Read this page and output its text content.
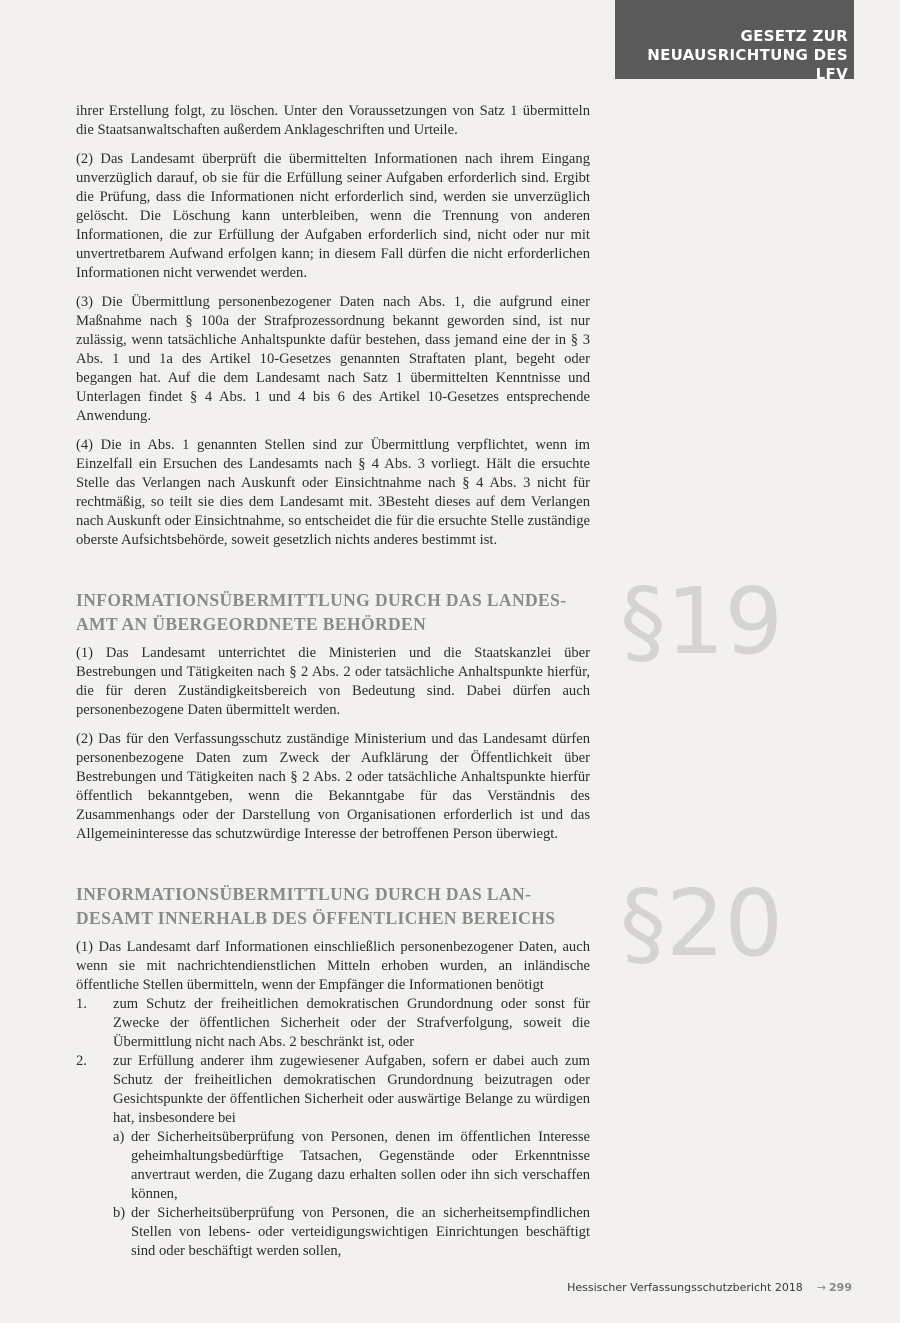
GESETZ ZUR
NEUAUSRICHTUNG DES LFV
§19
§20

ihrer Erstellung folgt, zu löschen. Unter den Voraussetzungen von Satz 1 übermitteln die Staatsanwaltschaften außerdem Anklageschriften und Urteile.

(2) Das Landesamt überprüft die übermittelten Informationen nach ihrem Eingang unverzüglich darauf, ob sie für die Erfüllung seiner Aufgaben erforderlich sind. Ergibt die Prüfung, dass die Informationen nicht erforderlich sind, werden sie unverzüglich gelöscht. Die Löschung kann unterbleiben, wenn die Trennung von anderen Informationen, die zur Erfüllung der Aufgaben erforderlich sind, nicht oder nur mit unvertretbarem Aufwand erfolgen kann; in diesem Fall dürfen die nicht erforderlichen Informationen nicht verwendet werden.

(3) Die Übermittlung personenbezogener Daten nach Abs. 1, die aufgrund einer Maßnahme nach § 100a der Strafprozessordnung bekannt geworden sind, ist nur zulässig, wenn tatsächliche Anhaltspunkte dafür bestehen, dass jemand eine der in § 3 Abs. 1 und 1a des Artikel 10-Gesetzes genannten Straftaten plant, begeht oder begangen hat. Auf die dem Landesamt nach Satz 1 übermittelten Kenntnisse und Unterlagen findet § 4 Abs. 1 und 4 bis 6 des Artikel 10-Gesetzes entsprechende Anwendung.

(4) Die in Abs. 1 genannten Stellen sind zur Übermittlung verpflichtet, wenn im Einzelfall ein Ersuchen des Landesamts nach § 4 Abs. 3 vorliegt. Hält die ersuchte Stelle das Verlangen nach Auskunft oder Einsichtnahme nach § 4 Abs. 3 nicht für rechtmäßig, so teilt sie dies dem Landesamt mit. 3Besteht dieses auf dem Verlangen nach Auskunft oder Einsichtnahme, so entscheidet die für die ersuchte Stelle zuständige oberste Aufsichtsbehörde, soweit gesetzlich nichts anderes bestimmt ist.

INFORMATIONSÜBERMITTLUNG DURCH DAS LANDES-
AMT AN ÜBERGEORDNETE BEHÖRDEN

(1) Das Landesamt unterrichtet die Ministerien und die Staatskanzlei über Bestrebungen und Tätigkeiten nach § 2 Abs. 2 oder tatsächliche Anhaltspunkte hierfür, die für deren Zuständigkeitsbereich von Bedeutung sind. Dabei dürfen auch personenbezogene Daten übermittelt werden.

(2) Das für den Verfassungsschutz zuständige Ministerium und das Landesamt dürfen personenbezogene Daten zum Zweck der Aufklärung der Öffentlichkeit über Bestrebungen und Tätigkeiten nach § 2 Abs. 2 oder tatsächliche Anhaltspunkte hierfür öffentlich bekanntgeben, wenn die Bekanntgabe für das Verständnis des Zusammenhangs oder der Darstellung von Organisationen erforderlich ist und das Allgemeininteresse das schutzwürdige Interesse der betroffenen Person überwiegt.

INFORMATIONSÜBERMITTLUNG DURCH DAS LAN-
DESAMT INNERHALB DES ÖFFENTLICHEN BEREICHS

(1) Das Landesamt darf Informationen einschließlich personenbezogener Daten, auch wenn sie mit nachrichtendienstlichen Mitteln erhoben wurden, an inländische öffentliche Stellen übermitteln, wenn der Empfänger die Informationen benötigt

1. zum Schutz der freiheitlichen demokratischen Grundordnung oder sonst für Zwecke der öffentlichen Sicherheit oder der Strafverfolgung, soweit die Übermittlung nicht nach Abs. 2 beschränkt ist, oder
2. zur Erfüllung anderer ihm zugewiesener Aufgaben, sofern er dabei auch zum Schutz der freiheitlichen demokratischen Grundordnung beizutragen oder Gesichtspunkte der öffentlichen Sicherheit oder auswärtige Belange zu würdigen hat, insbesondere bei
a) der Sicherheitsüberprüfung von Personen, denen im öffentlichen Interesse geheimhaltungsbedürftige Tatsachen, Gegenstände oder Erkenntnisse anvertraut werden, die Zugang dazu erhalten sollen oder ihn sich verschaffen können,
b) der Sicherheitsüberprüfung von Personen, die an sicherheitsempfindlichen Stellen von lebens- oder verteidigungswichtigen Einrichtungen beschäftigt sind oder beschäftigt werden sollen,
Hessischer Verfassungsschutzbericht 2018 → 299
